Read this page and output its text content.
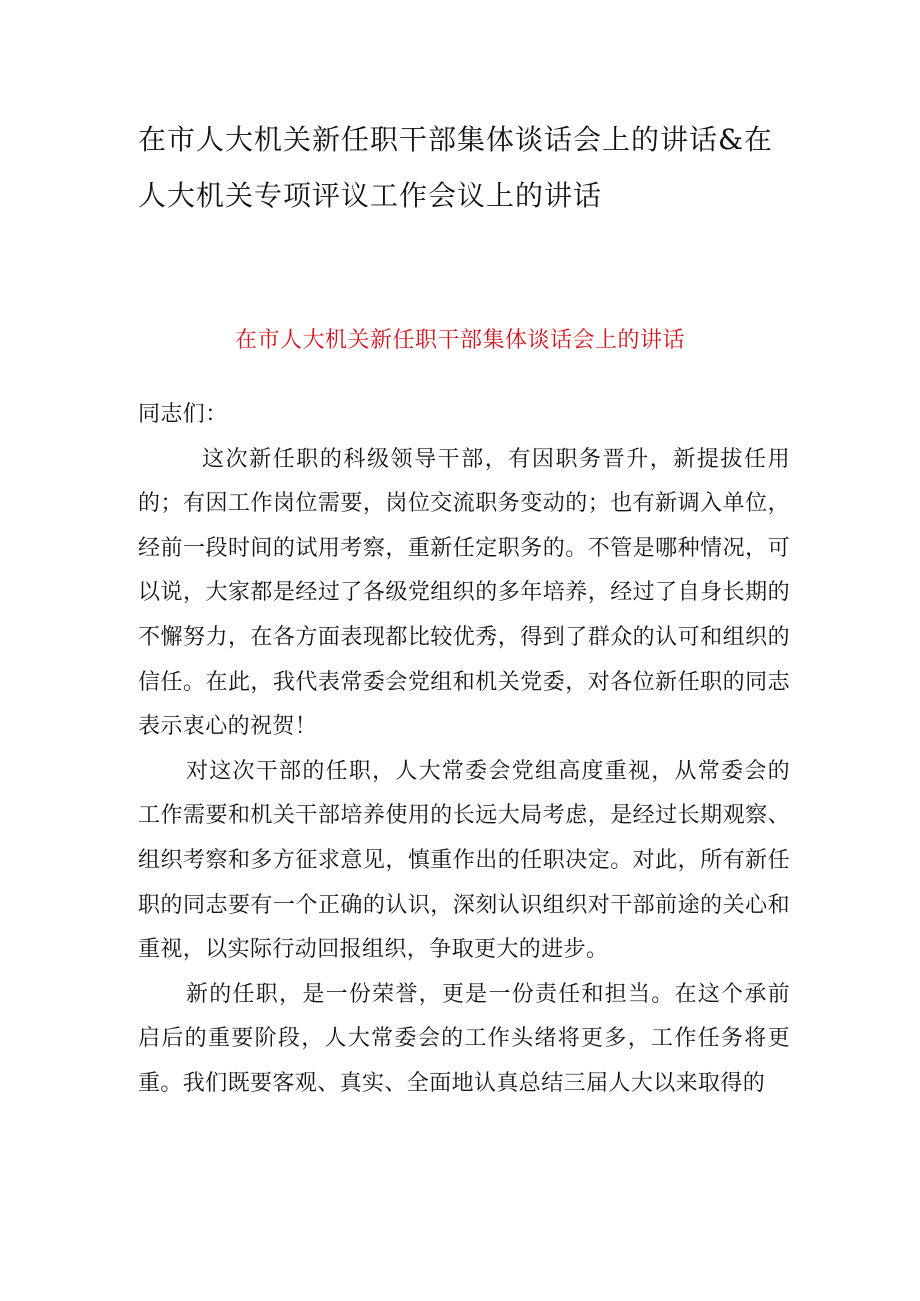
在市人大机关新任职干部集体谈话会上的讲话&在人大机关专项评议工作会议上的讲话
在市人大机关新任职干部集体谈话会上的讲话

同志们：

这次新任职的科级领导干部，有因职务晋升，新提拔任用的；有因工作岗位需要，岗位交流职务变动的；也有新调入单位，经前一段时间的试用考察，重新任定职务的。不管是哪种情况，可以说，大家都是经过了各级党组织的多年培养，经过了自身长期的不懈努力，在各方面表现都比较优秀，得到了群众的认可和组织的信任。在此，我代表常委会党组和机关党委，对各位新任职的同志表示衷心的祝贺！

对这次干部的任职，人大常委会党组高度重视，从常委会的工作需要和机关干部培养使用的长远大局考虑，是经过长期观察、组织考察和多方征求意见，慎重作出的任职决定。对此，所有新任职的同志要有一个正确的认识，深刻认识组织对干部前途的关心和重视，以实际行动回报组织，争取更大的进步。

新的任职，是一份荣誉，更是一份责任和担当。在这个承前启后的重要阶段，人大常委会的工作头绪将更多，工作任务将更重。我们既要客观、真实、全面地认真总结三届人大以来取得的
